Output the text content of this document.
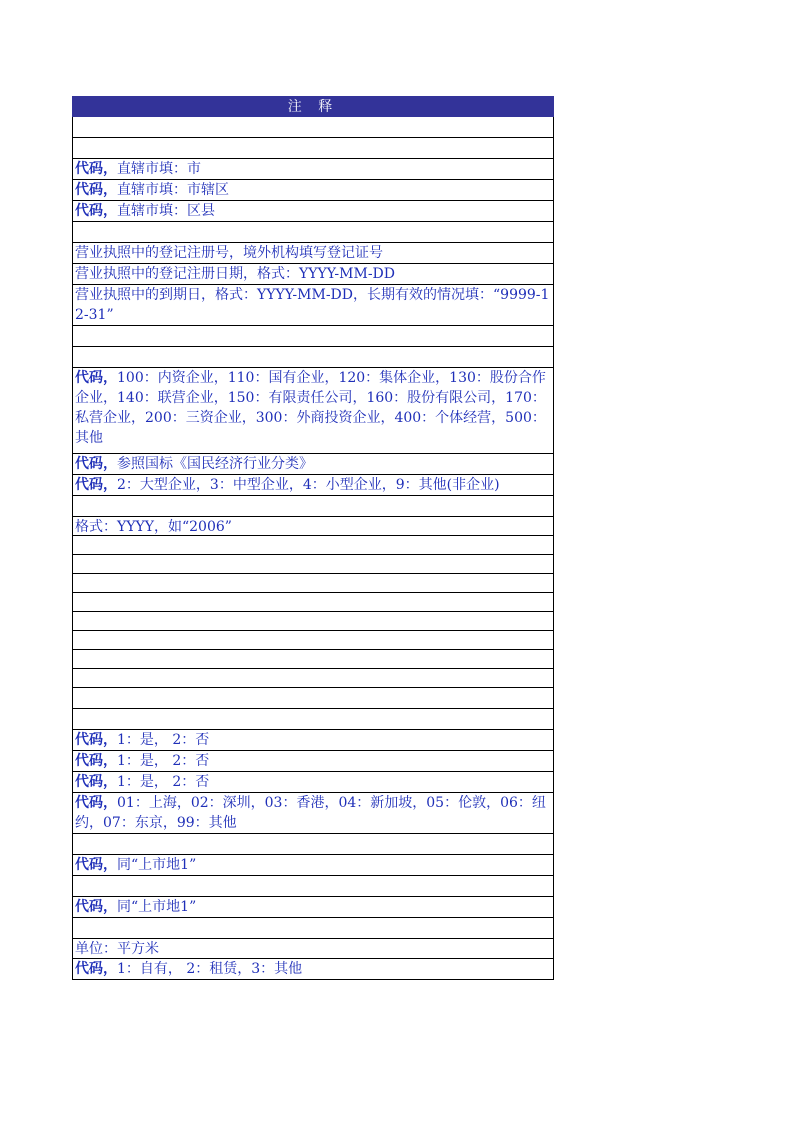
注 释
代码，直辖市填：市
代码，直辖市填：市辖区
代码，直辖市填：区县
营业执照中的登记注册号，境外机构填写登记证号
营业执照中的登记注册日期，格式：YYYY-MM-DD
营业执照中的到期日，格式：YYYY-MM-DD，长期有效的情况填：“9999-12-31”
代码，100：内资企业，110：国有企业，120：集体企业，130：股份合作企业，140：联营企业，150：有限责任公司，160：股份有限公司，170：私营企业，200：三资企业，300：外商投资企业，400：个体经营，500：其他
代码，参照国标《国民经济行业分类》
代码，2：大型企业，3：中型企业，4：小型企业，9：其他(非企业)
格式：YYYY，如“2006”
代码，1：是， 2：否
代码，1：是， 2：否
代码，1：是， 2：否
代码，01：上海，02：深圳，03：香港，04：新加坡，05：伦敦，06：纽约，07：东京，99：其他
代码，同“上市地1”
代码，同“上市地1”
单位：平方米
代码，1：自有， 2：租赁，3：其他
